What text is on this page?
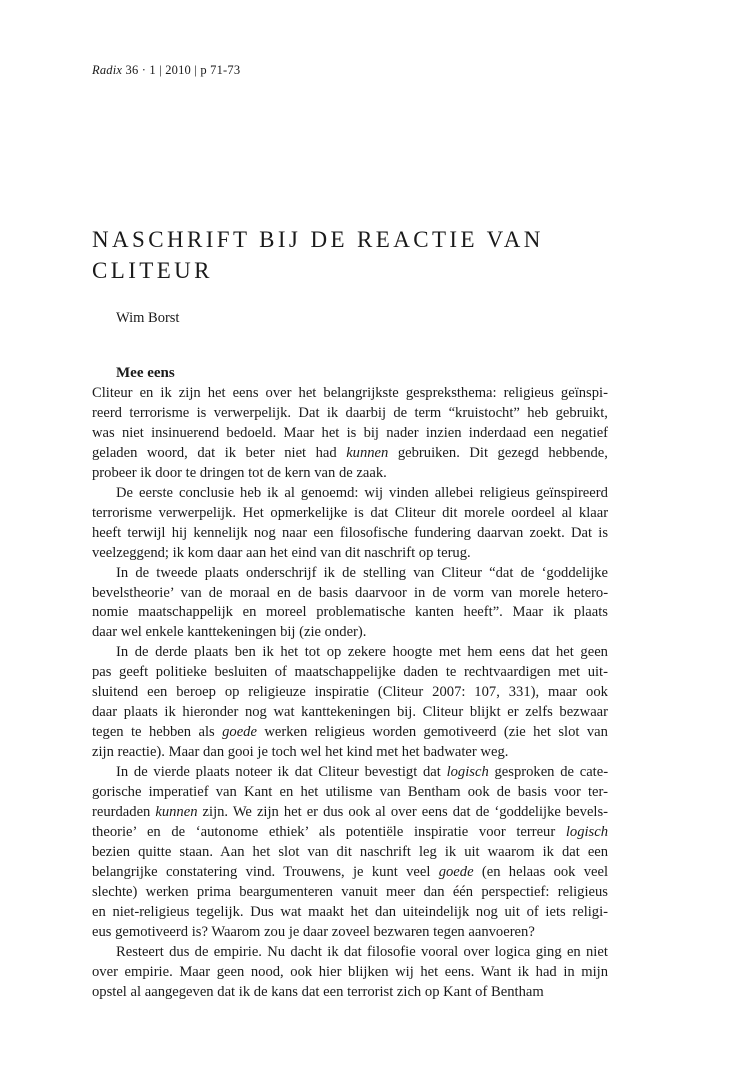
Radix 36 · 1 | 2010 | p 71-73
NASCHRIFT BIJ DE REACTIE VAN CLITEUR
Wim Borst
Mee eens

Cliteur en ik zijn het eens over het belangrijkste gespreksthema: religieus geïnspi-
reerd terrorisme is verwerpelijk. Dat ik daarbij de term “kruistocht” heb gebruikt,
was niet insinuerend bedoeld. Maar het is bij nader inzien inderdaad een negatief
geladen woord, dat ik beter niet had kunnen gebruiken. Dit gezegd hebbende,
probeer ik door te dringen tot de kern van de zaak.

De eerste conclusie heb ik al genoemd: wij vinden allebei religieus geïnspireerd
terrorisme verwerpelijk. Het opmerkelijke is dat Cliteur dit morele oordeel al klaar
heeft terwijl hij kennelijk nog naar een filosofische fundering daarvan zoekt. Dat is
veelzeggend; ik kom daar aan het eind van dit naschrift op terug.

In de tweede plaats onderschrijf ik de stelling van Cliteur “dat de ‘goddelijke
bevelstheorie’ van de moraal en de basis daarvoor in de vorm van morele hetero-
nomie maatschappelijk en moreel problematische kanten heeft”. Maar ik plaats
daar wel enkele kanttekeningen bij (zie onder).

In de derde plaats ben ik het tot op zekere hoogte met hem eens dat het geen
pas geeft politieke besluiten of maatschappelijke daden te rechtvaardigen met uit-
sluitend een beroep op religieuze inspiratie (Cliteur 2007: 107, 331), maar ook
daar plaats ik hieronder nog wat kanttekeningen bij. Cliteur blijkt er zelfs bezwaar
tegen te hebben als goede werken religieus worden gemotiveerd (zie het slot van
zijn reactie). Maar dan gooi je toch wel het kind met het badwater weg.

In de vierde plaats noteer ik dat Cliteur bevestigt dat logisch gesproken de cate-
gorische imperatief van Kant en het utilisme van Bentham ook de basis voor ter-
reurdaden kunnen zijn. We zijn het er dus ook al over eens dat de ‘goddelijke bevels-
theorie’ en de ‘autonome ethiek’ als potentiële inspiratie voor terreur logisch
bezien quitte staan. Aan het slot van dit naschrift leg ik uit waarom ik dat een
belangrijke constatering vind. Trouwens, je kunt veel goede (en helaas ook veel
slechte) werken prima beargumenteren vanuit meer dan één perspectief: religieus
en niet-religieus tegelijk. Dus wat maakt het dan uiteindelijk nog uit of iets religi-
eus gemotiveerd is? Waarom zou je daar zoveel bezwaren tegen aanvoeren?

Resteert dus de empirie. Nu dacht ik dat filosofie vooral over logica ging en niet
over empirie. Maar geen nood, ook hier blijken wij het eens. Want ik had in mijn
opstel al aangegeven dat ik de kans dat een terrorist zich op Kant of Bentham
